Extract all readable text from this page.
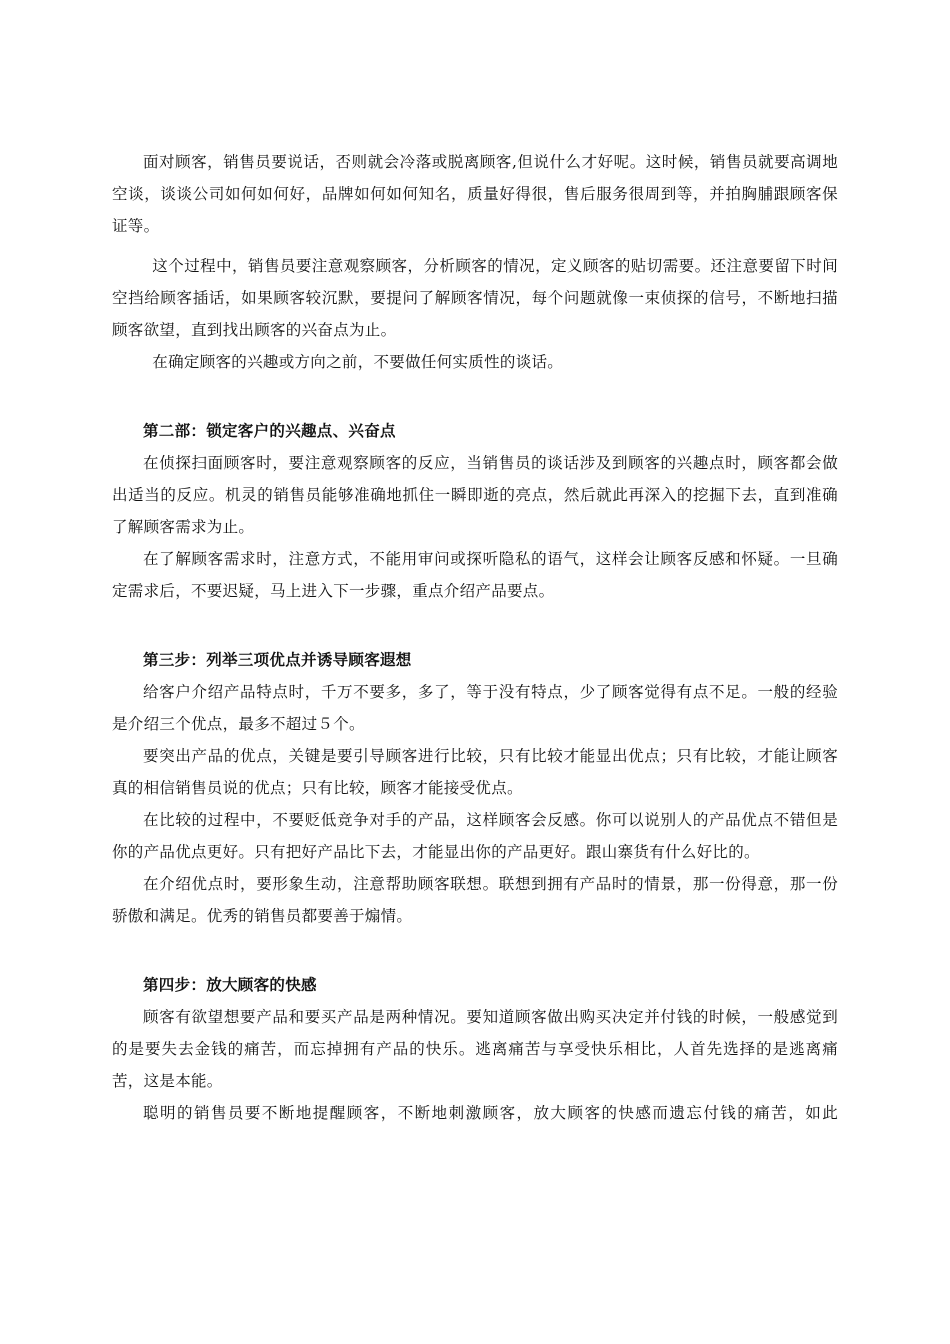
面对顾客，销售员要说话，否则就会冷落或脱离顾客,但说什么才好呢。这时候，销售员就要高调地空谈，谈谈公司如何如何好，品牌如何如何知名，质量好得很，售后服务很周到等，并拍胸脯跟顾客保证等。

这个过程中，销售员要注意观察顾客，分析顾客的情况，定义顾客的贴切需要。还注意要留下时间空挡给顾客插话，如果顾客较沉默，要提问了解顾客情况，每个问题就像一束侦探的信号，不断地扫描顾客欲望，直到找出顾客的兴奋点为止。

在确定顾客的兴趣或方向之前，不要做任何实质性的谈话。

第二部：锁定客户的兴趣点、兴奋点

在侦探扫面顾客时，要注意观察顾客的反应，当销售员的谈话涉及到顾客的兴趣点时，顾客都会做出适当的反应。机灵的销售员能够准确地抓住一瞬即逝的亮点，然后就此再深入的挖掘下去，直到准确了解顾客需求为止。

在了解顾客需求时，注意方式，不能用审问或探听隐私的语气，这样会让顾客反感和怀疑。一旦确定需求后，不要迟疑，马上进入下一步骤，重点介绍产品要点。

第三步：列举三项优点并诱导顾客遐想

给客户介绍产品特点时，千万不要多，多了，等于没有特点，少了顾客觉得有点不足。一般的经验是介绍三个优点，最多不超过５个。

要突出产品的优点，关键是要引导顾客进行比较，只有比较才能显出优点；只有比较，才能让顾客真的相信销售员说的优点；只有比较，顾客才能接受优点。

在比较的过程中，不要贬低竞争对手的产品，这样顾客会反感。你可以说别人的产品优点不错但是你的产品优点更好。只有把好产品比下去，才能显出你的产品更好。跟山寨货有什么好比的。

在介绍优点时，要形象生动，注意帮助顾客联想。联想到拥有产品时的情景，那一份得意，那一份骄傲和满足。优秀的销售员都要善于煽情。

第四步：放大顾客的快感

顾客有欲望想要产品和要买产品是两种情况。要知道顾客做出购买决定并付钱的时候，一般感觉到的是要失去金钱的痛苦，而忘掉拥有产品的快乐。逃离痛苦与享受快乐相比，人首先选择的是逃离痛苦，这是本能。

聪明的销售员要不断地提醒顾客，不断地刺激顾客，放大顾客的快感而遗忘付钱的痛苦，如此
